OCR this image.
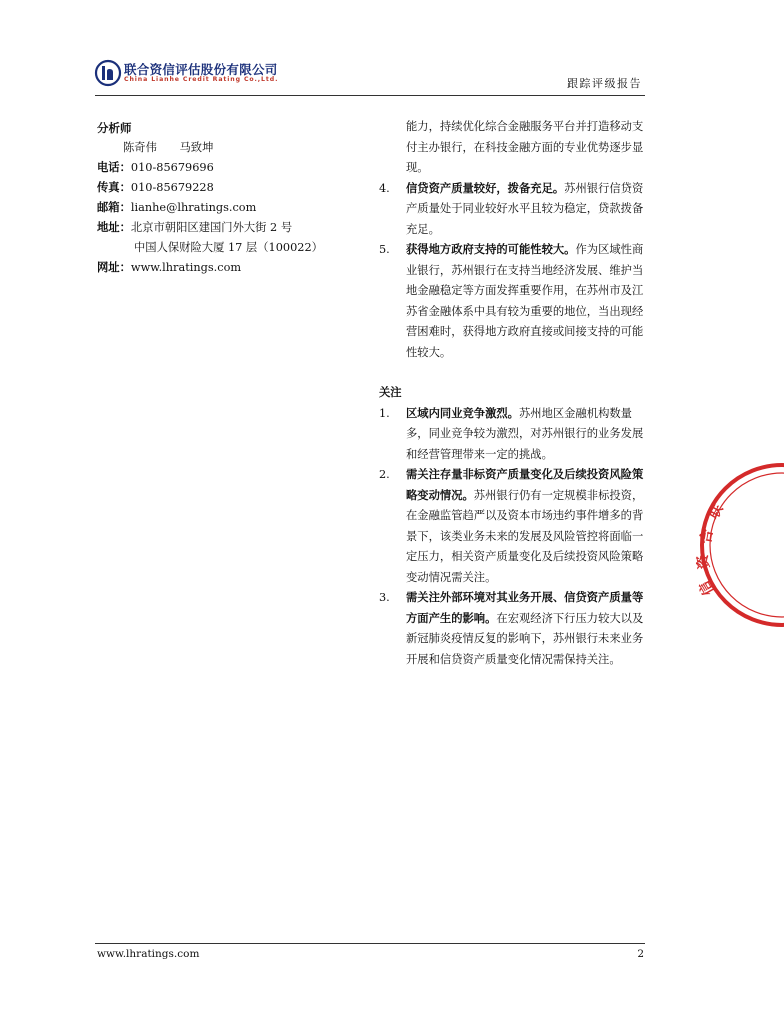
联合资信评估股份有限公司
China Lianhe Credit Rating Co.,Ltd.	跟踪评级报告
分析师
陈奇伟　　马致坤
电话：010-85679696
传真：010-85679228
邮箱：lianhe@lhratings.com
地址：北京市朝阳区建国门外大街 2 号
中国人保财险大厦 17 层（100022）
网址：www.lhratings.com
能力，持续优化综合金融服务平台并打造移动支付主办银行，在科技金融方面的专业优势逐步显现。
4. 信贷资产质量较好，拨备充足。苏州银行信贷资产质量处于同业较好水平且较为稳定，贷款拨备充足。
5. 获得地方政府支持的可能性较大。作为区域性商业银行，苏州银行在支持当地经济发展、维护当地金融稳定等方面发挥重要作用，在苏州市及江苏省金融体系中具有较为重要的地位，当出现经营困难时，获得地方政府直接或间接支持的可能性较大。
关注
1. 区域内同业竞争激烈。苏州地区金融机构数量多，同业竞争较为激烈，对苏州银行的业务发展和经营管理带来一定的挑战。
2. 需关注存量非标资产质量变化及后续投资风险策略变动情况。苏州银行仍有一定规模非标投资，在金融监管趋严以及资本市场违约事件增多的背景下，该类业务未来的发展及风险管控将面临一定压力，相关资产质量变化及后续投资风险策略变动情况需关注。
3. 需关注外部环境对其业务开展、信贷资产质量等方面产生的影响。在宏观经济下行压力较大以及新冠肺炎疫情反复的影响下，苏州银行未来业务开展和信贷资产质量变化情况需保持关注。
联
合
资
信
www.lhratings.com	2
